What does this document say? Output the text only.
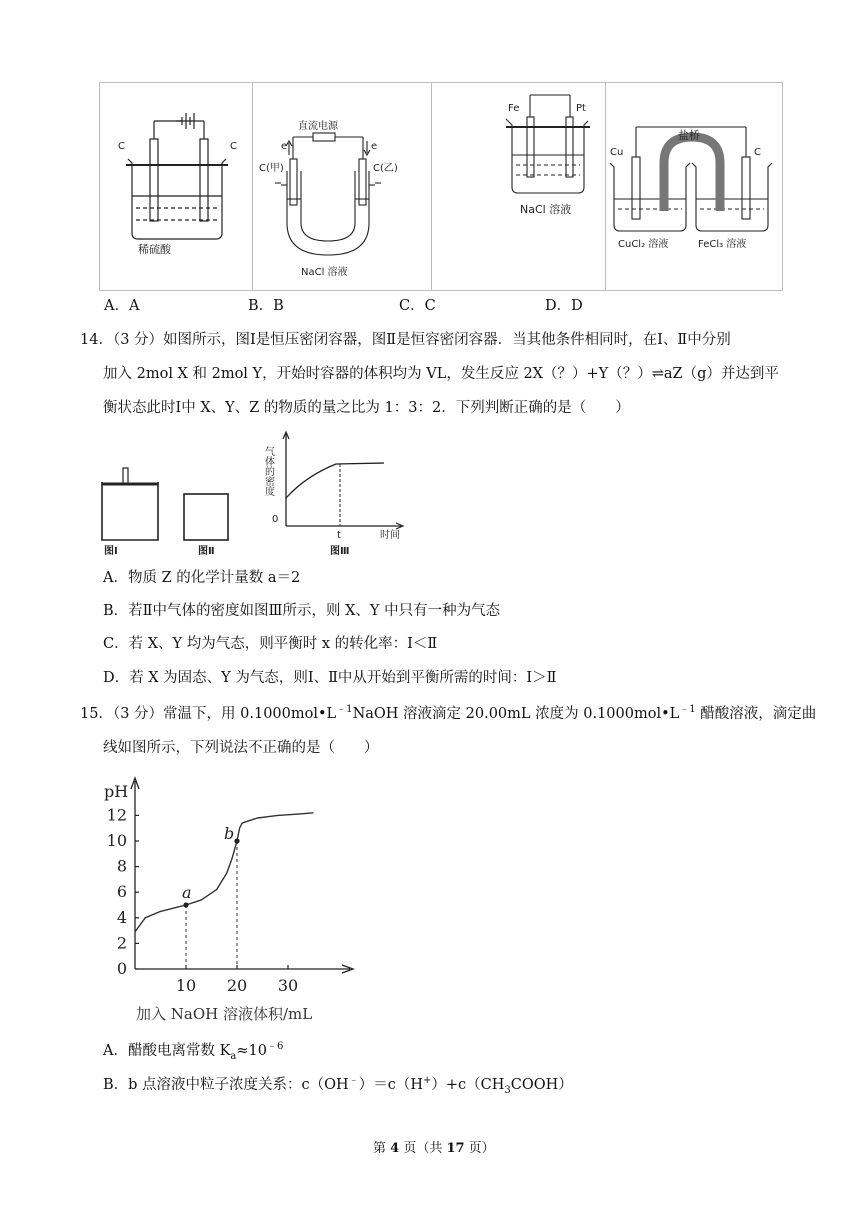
C	C
稀硫酸
直流电源
e	e
C(甲)	C(乙)
NaCl 溶液
Fe	Pt
NaCl 溶液
盐桥
Cu	C
CuCl₂ 溶液	FeCl₃ 溶液
A．A	B．B	C．C	D．D
14．（3 分）如图所示，图Ⅰ是恒压密闭容器，图Ⅱ是恒容密闭容器．当其他条件相同时，在Ⅰ、Ⅱ中分别
加入 2mol X 和 2mol Y，开始时容器的体积均为 VL，发生反应 2X（？）+Y（？）⇌aZ（g）并达到平
衡状态此时Ⅰ中 X、Y、Z 的物质的量之比为 1：3：2．下列判断正确的是（　　）
图Ⅰ	图Ⅱ	图Ⅲ
0
t	时间
气体的密度
A．物质 Z 的化学计量数 a＝2
B．若Ⅱ中气体的密度如图Ⅲ所示，则 X、Y 中只有一种为气态
C．若 X、Y 均为气态，则平衡时 x 的转化率：Ⅰ＜Ⅱ
D．若 X 为固态、Y 为气态，则Ⅰ、Ⅱ中从开始到平衡所需的时间：Ⅰ＞Ⅱ
15．（3 分）常温下，用 $0.1000mol•L^{﹣1}NaOH$ 溶液滴定 20.00mL 浓度为 $0.1000mol•L^{﹣1}$ 醋酸溶液，滴定曲
线如图所示，下列说法不正确的是（　　）
0
2
4
6
8
10
12
10 20 30
a
b
pH
加入 NaOH 溶液体积/mL
A．醋酸电离常数 $K_a\approx 10^{﹣6}$
B．b 点溶液中粒子浓度关系：$c(OH^﹣)=c(H^+)+c(CH_3COOH)$
第 4 页（共 17 页）
